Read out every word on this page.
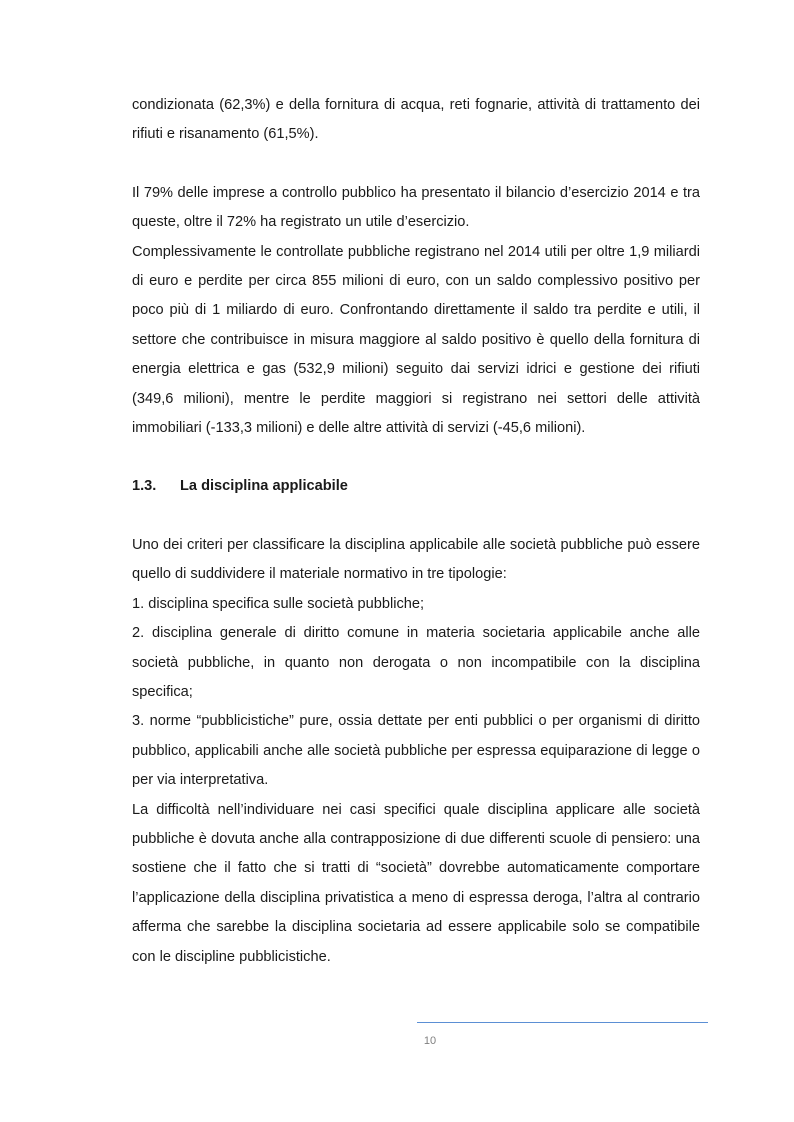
condizionata (62,3%) e della fornitura di acqua, reti fognarie, attività di trattamento dei rifiuti e risanamento (61,5%).

Il 79% delle imprese a controllo pubblico ha presentato il bilancio d’esercizio 2014 e tra queste, oltre il 72% ha registrato un utile d’esercizio.

Complessivamente le controllate pubbliche registrano nel 2014 utili per oltre 1,9 miliardi di euro e perdite per circa 855 milioni di euro, con un saldo complessivo positivo per poco più di 1 miliardo di euro. Confrontando direttamente il saldo tra perdite e utili, il settore che contribuisce in misura maggiore al saldo positivo è quello della fornitura di energia elettrica e gas (532,9 milioni) seguito dai servizi idrici e gestione dei rifiuti (349,6 milioni), mentre le perdite maggiori si registrano nei settori delle attività immobiliari (-133,3 milioni) e delle altre attività di servizi (-45,6 milioni).

1.3. La disciplina applicabile

Uno dei criteri per classificare la disciplina applicabile alle società pubbliche può essere quello di suddividere il materiale normativo in tre tipologie:

1. disciplina specifica sulle società pubbliche;

2. disciplina generale di diritto comune in materia societaria applicabile anche alle società pubbliche, in quanto non derogata o non incompatibile con la disciplina specifica;

3. norme “pubblicistiche” pure, ossia dettate per enti pubblici o per organismi di diritto pubblico, applicabili anche alle società pubbliche per espressa equiparazione di legge o per via interpretativa.

La difficoltà nell’individuare nei casi specifici quale disciplina applicare alle società pubbliche è dovuta anche alla contrapposizione di due differenti scuole di pensiero: una sostiene che il fatto che si tratti di “società” dovrebbe automaticamente comportare l’applicazione della disciplina privatistica a meno di espressa deroga, l’altra al contrario afferma che sarebbe la disciplina societaria ad essere applicabile solo se compatibile con le discipline pubblicistiche.

10
